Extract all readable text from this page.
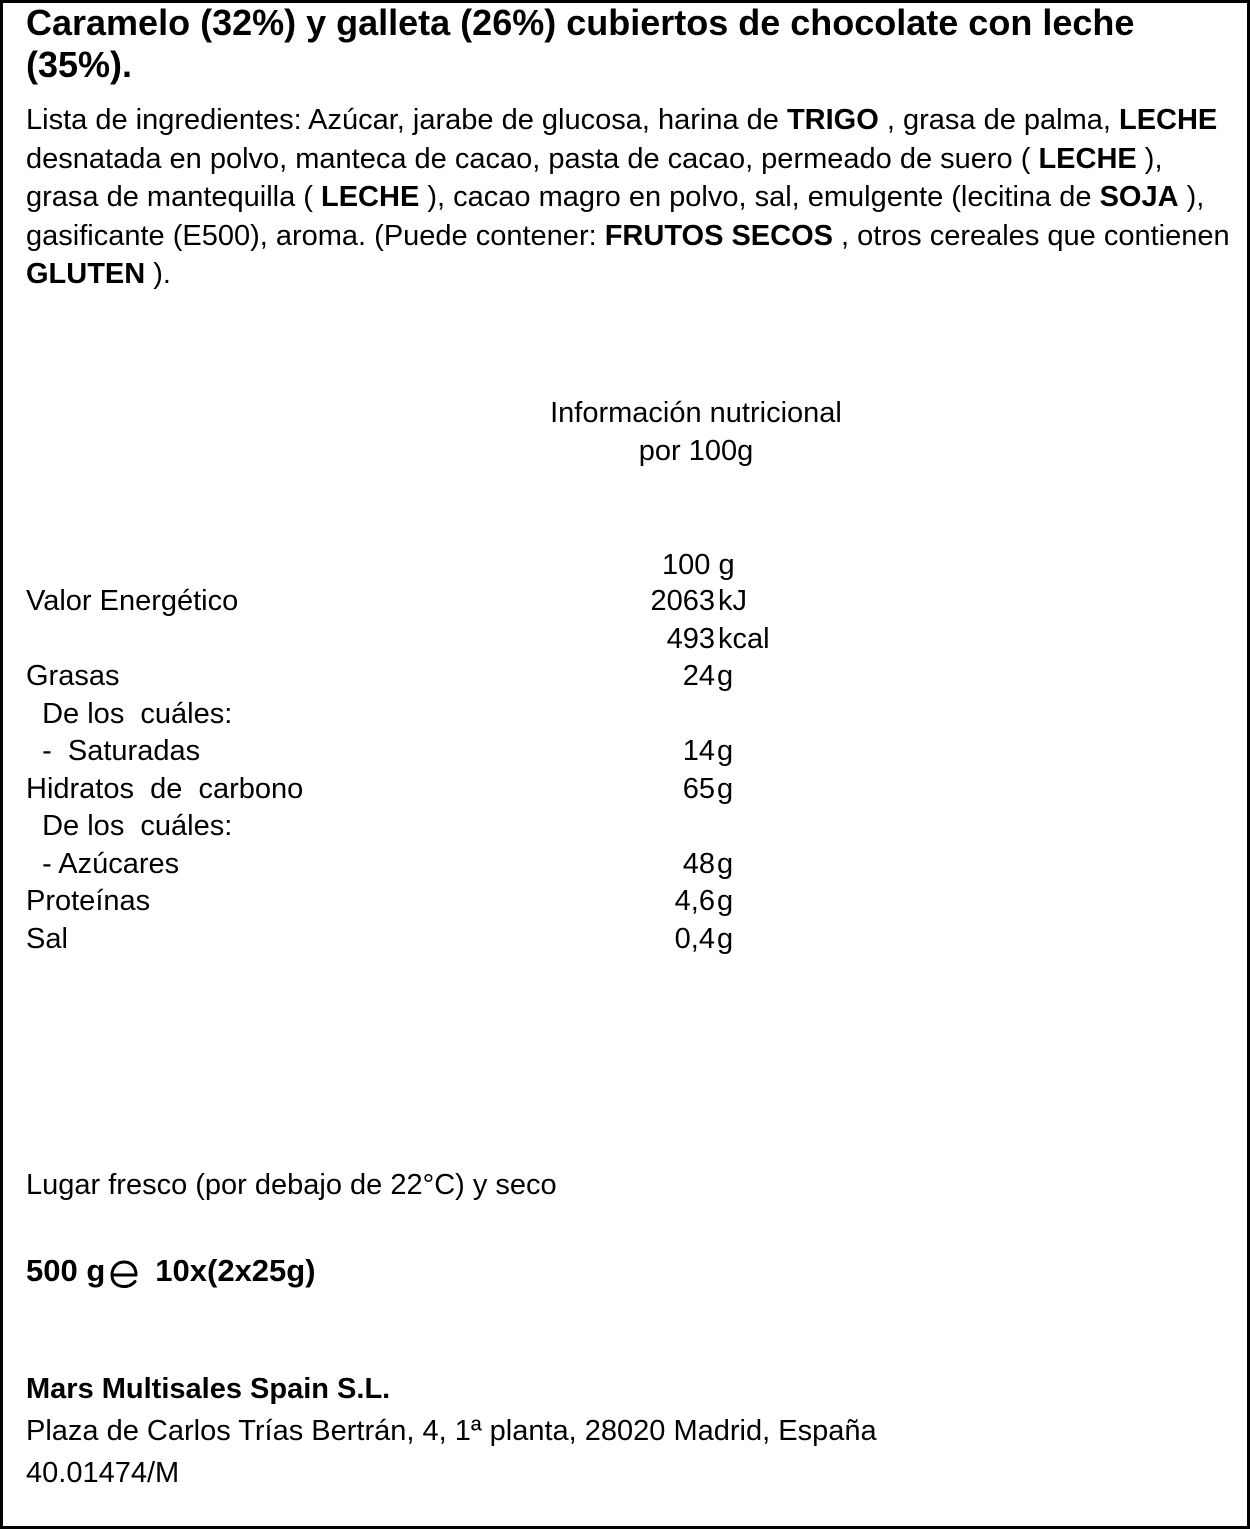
Caramelo (32%) y galleta (26%) cubiertos de chocolate con leche (35%).
Lista de ingredientes: Azúcar, jarabe de glucosa, harina de TRIGO , grasa de palma, LECHE desnatada en polvo, manteca de cacao, pasta de cacao, permeado de suero ( LECHE ), grasa de mantequilla ( LECHE ), cacao magro en polvo, sal, emulgente (lecitina de SOJA ), gasificante (E500), aroma. (Puede contener: FRUTOS SECOS , otros cereales que contienen GLUTEN ).
Información nutricional
por 100g
100 g
Valor Energético	2063 kJ
493 kcal
Grasas	24 g
De los  cuáles:
-  Saturadas	14 g
Hidratos  de  carbono	65 g
De los  cuáles:
- Azúcares	48 g
Proteínas	4,6 g
Sal	0,4 g
Lugar fresco (por debajo de 22°C) y seco
500 g 10x(2x25g)
Mars Multisales Spain S.L.
Plaza de Carlos Trías Bertrán, 4, 1ª planta, 28020 Madrid, España
40.01474/M
